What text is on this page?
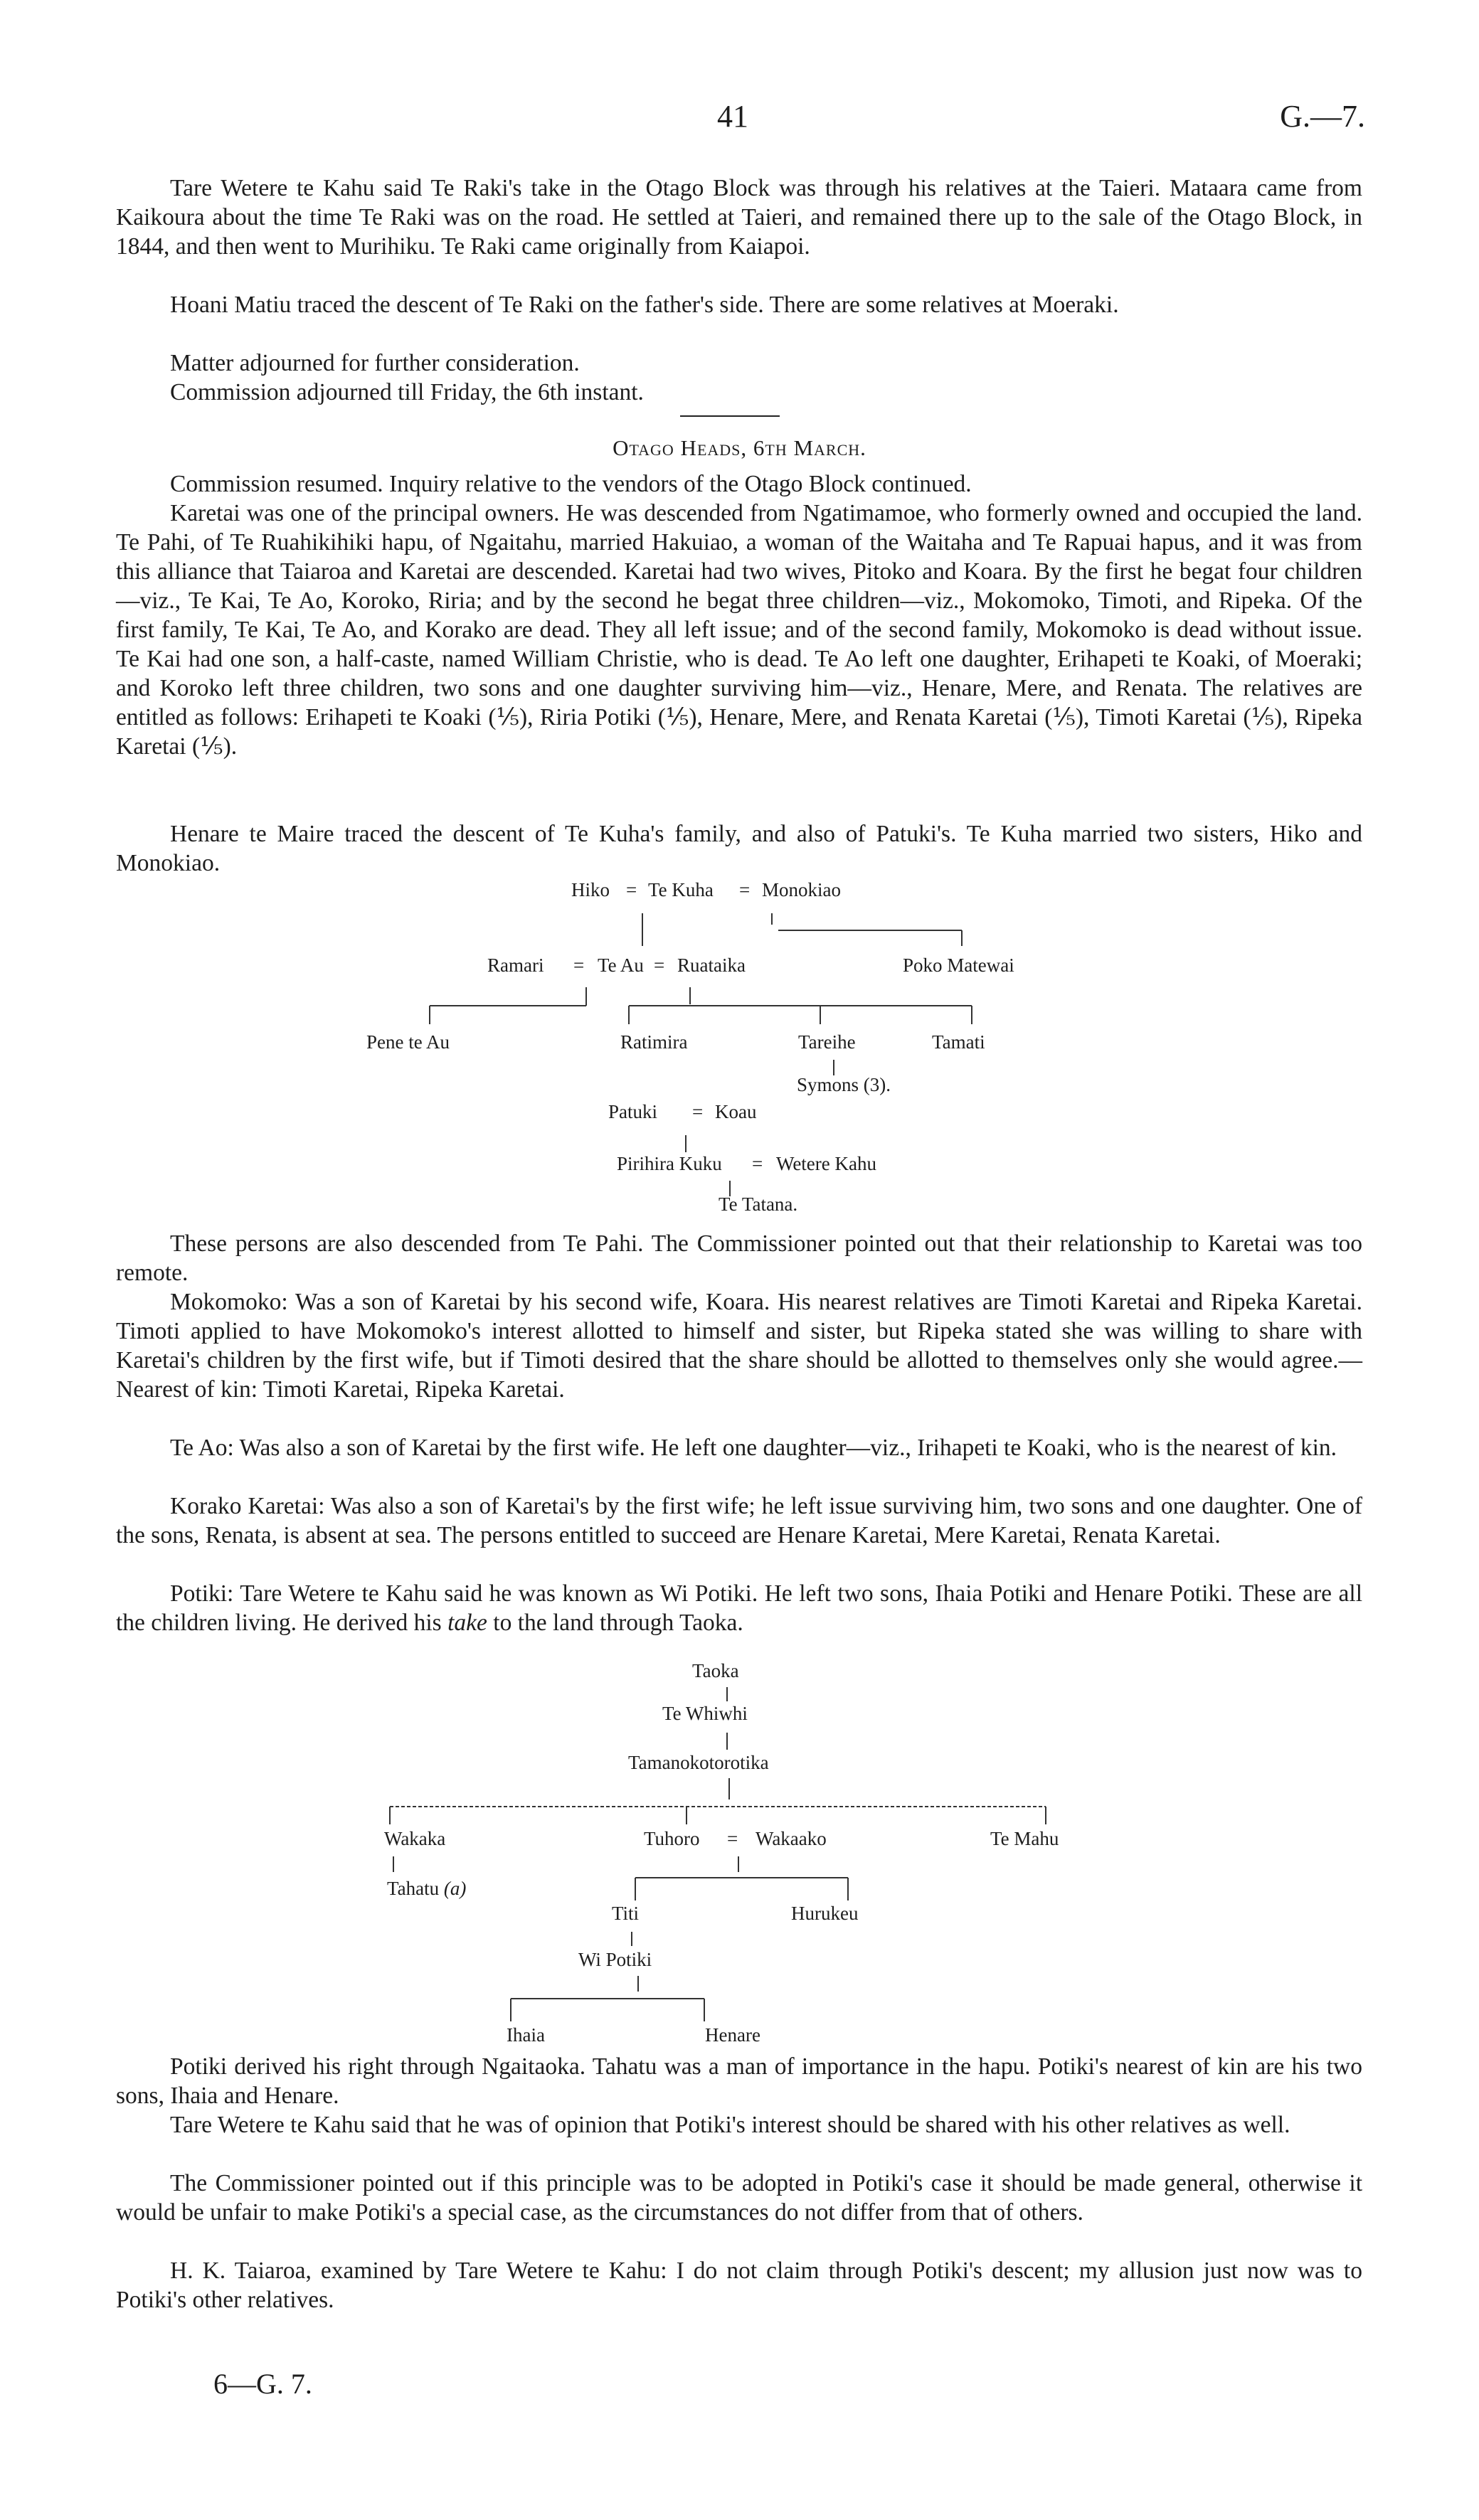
41	G.—7.

Tare Wetere te Kahu said Te Raki's take in the Otago Block was through his relatives at the Taieri. Mataara came from Kaikoura about the time Te Raki was on the road. He settled at Taieri, and remained there up to the sale of the Otago Block, in 1844, and then went to Murihiku. Te Raki came originally from Kaiapoi.

Hoani Matiu traced the descent of Te Raki on the father's side. There are some relatives at Moeraki.

Matter adjourned for further consideration.

Commission adjourned till Friday, the 6th instant.

Otago Heads, 6th March.

Commission resumed. Inquiry relative to the vendors of the Otago Block continued.

Karetai was one of the principal owners. He was descended from Ngatimamoe, who formerly owned and occupied the land. Te Pahi, of Te Ruahikihiki hapu, of Ngaitahu, married Hakuiao, a woman of the Waitaha and Te Rapuai hapus, and it was from this alliance that Taiaroa and Karetai are descended. Karetai had two wives, Pitoko and Koara. By the first he begat four children—viz., Te Kai, Te Ao, Koroko, Riria; and by the second he begat three children—viz., Mokomoko, Timoti, and Ripeka. Of the first family, Te Kai, Te Ao, and Korako are dead. They all left issue; and of the second family, Mokomoko is dead without issue. Te Kai had one son, a half-caste, named William Christie, who is dead. Te Ao left one daughter, Erihapeti te Koaki, of Moeraki; and Koroko left three children, two sons and one daughter surviving him—viz., Henare, Mere, and Renata. The relatives are entitled as follows: Erihapeti te Koaki (⅕), Riria Potiki (⅕), Henare, Mere, and Renata Karetai (⅕), Timoti Karetai (⅕), Ripeka Karetai (⅕).

Henare te Maire traced the descent of Te Kuha's family, and also of Patuki's. Te Kuha married two sisters, Hiko and Monokiao.

Hiko = Te Kuha = Monokiao
Ramari = Te Au = Ruataika	Poko Matewai
Pene te Au	Ratimira	Tareihe	Tamati
Symons (3).
Patuki = Koau
Pirihira Kuku = Wetere Kahu
Te Tatana.

These persons are also descended from Te Pahi. The Commissioner pointed out that their relationship to Karetai was too remote.

Mokomoko: Was a son of Karetai by his second wife, Koara. His nearest relatives are Timoti Karetai and Ripeka Karetai. Timoti applied to have Mokomoko's interest allotted to himself and sister, but Ripeka stated she was willing to share with Karetai's children by the first wife, but if Timoti desired that the share should be allotted to themselves only she would agree.—Nearest of kin: Timoti Karetai, Ripeka Karetai.

Te Ao: Was also a son of Karetai by the first wife. He left one daughter—viz., Irihapeti te Koaki, who is the nearest of kin.

Korako Karetai: Was also a son of Karetai's by the first wife; he left issue surviving him, two sons and one daughter. One of the sons, Renata, is absent at sea. The persons entitled to succeed are Henare Karetai, Mere Karetai, Renata Karetai.

Potiki: Tare Wetere te Kahu said he was known as Wi Potiki. He left two sons, Ihaia Potiki and Henare Potiki. These are all the children living. He derived his take to the land through Taoka.

Taoka
Te Whiwhi
Tamanokotorotika
Wakaka	Tuhoro = Wakaako	Te Mahu
Tahatu (a)
Titi	Hurukeu
Wi Potiki
Ihaia	Henare

Potiki derived his right through Ngaitaoka. Tahatu was a man of importance in the hapu. Potiki's nearest of kin are his two sons, Ihaia and Henare.

Tare Wetere te Kahu said that he was of opinion that Potiki's interest should be shared with his other relatives as well.

The Commissioner pointed out if this principle was to be adopted in Potiki's case it should be made general, otherwise it would be unfair to make Potiki's a special case, as the circumstances do not differ from that of others.

H. K. Taiaroa, examined by Tare Wetere te Kahu: I do not claim through Potiki's descent; my allusion just now was to Potiki's other relatives.

6—G. 7.
